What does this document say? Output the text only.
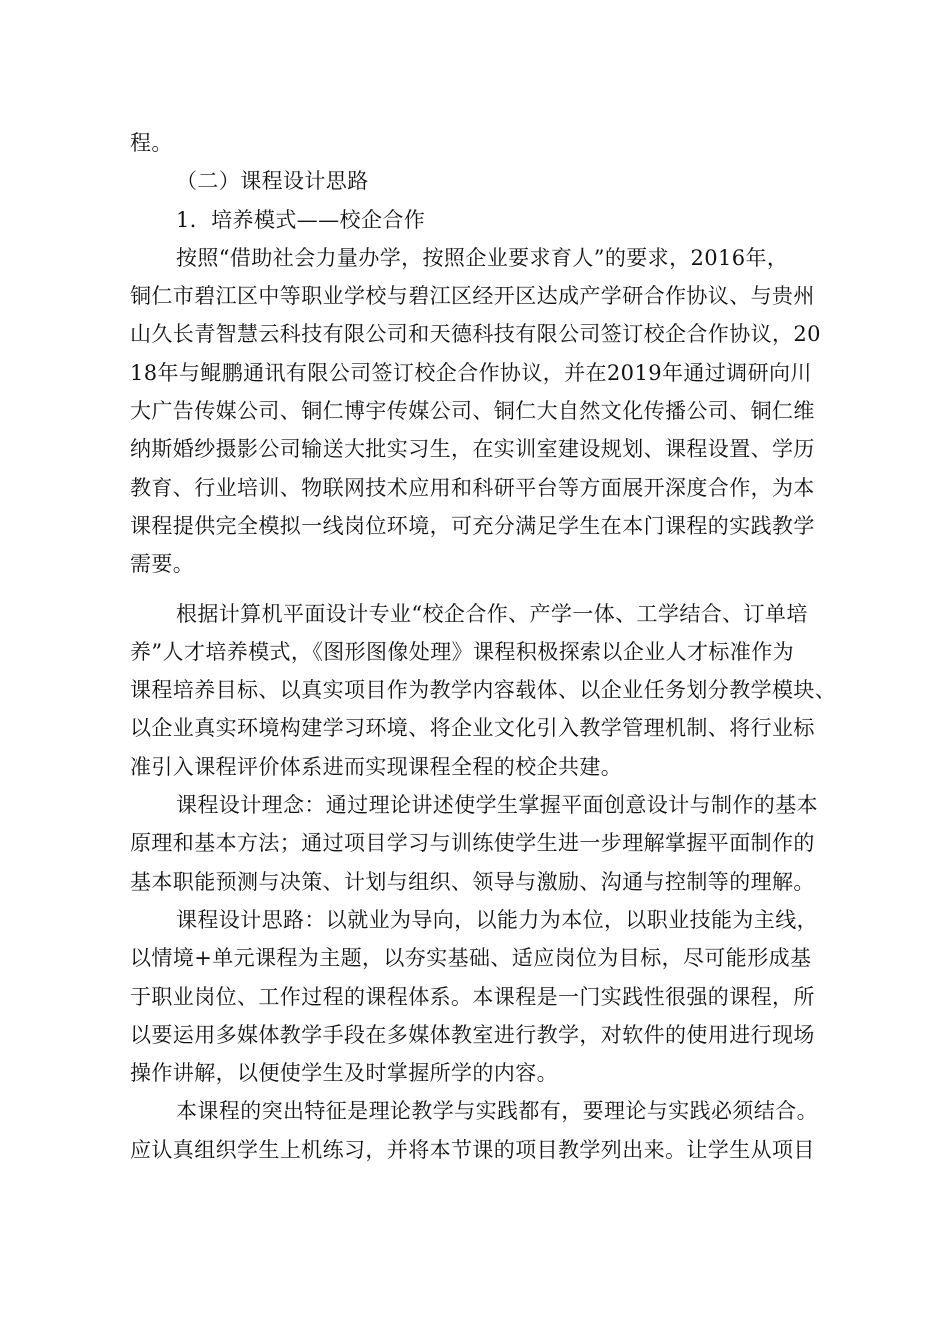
程。
（二）课程设计思路
1．培养模式——校企合作
按照“借助社会力量办学，按照企业要求育人”的要求，2016年，
铜仁市碧江区中等职业学校与碧江区经开区达成产学研合作协议、与贵州
山久长青智慧云科技有限公司和天德科技有限公司签订校企合作协议，20
18年与鲲鹏通讯有限公司签订校企合作协议，并在2019年通过调研向川
大广告传媒公司、铜仁博宇传媒公司、铜仁大自然文化传播公司、铜仁维
纳斯婚纱摄影公司输送大批实习生，在实训室建设规划、课程设置、学历
教育、行业培训、物联网技术应用和科研平台等方面展开深度合作，为本
课程提供完全模拟一线岗位环境，可充分满足学生在本门课程的实践教学
需要。
根据计算机平面设计专业“校企合作、产学一体、工学结合、订单培
养”人才培养模式，《图形图像处理》课程积极探索以企业人才标准作为
课程培养目标、以真实项目作为教学内容载体、以企业任务划分教学模块、
以企业真实环境构建学习环境、将企业文化引入教学管理机制、将行业标
准引入课程评价体系进而实现课程全程的校企共建。
课程设计理念：通过理论讲述使学生掌握平面创意设计与制作的基本
原理和基本方法；通过项目学习与训练使学生进一步理解掌握平面制作的
基本职能预测与决策、计划与组织、领导与激励、沟通与控制等的理解。
课程设计思路：以就业为导向，以能力为本位，以职业技能为主线，
以情境+单元课程为主题，以夯实基础、适应岗位为目标，尽可能形成基
于职业岗位、工作过程的课程体系。本课程是一门实践性很强的课程，所
以要运用多媒体教学手段在多媒体教室进行教学，对软件的使用进行现场
操作讲解，以便使学生及时掌握所学的内容。
本课程的突出特征是理论教学与实践都有，要理论与实践必须结合。
应认真组织学生上机练习，并将本节课的项目教学列出来。让学生从项目
